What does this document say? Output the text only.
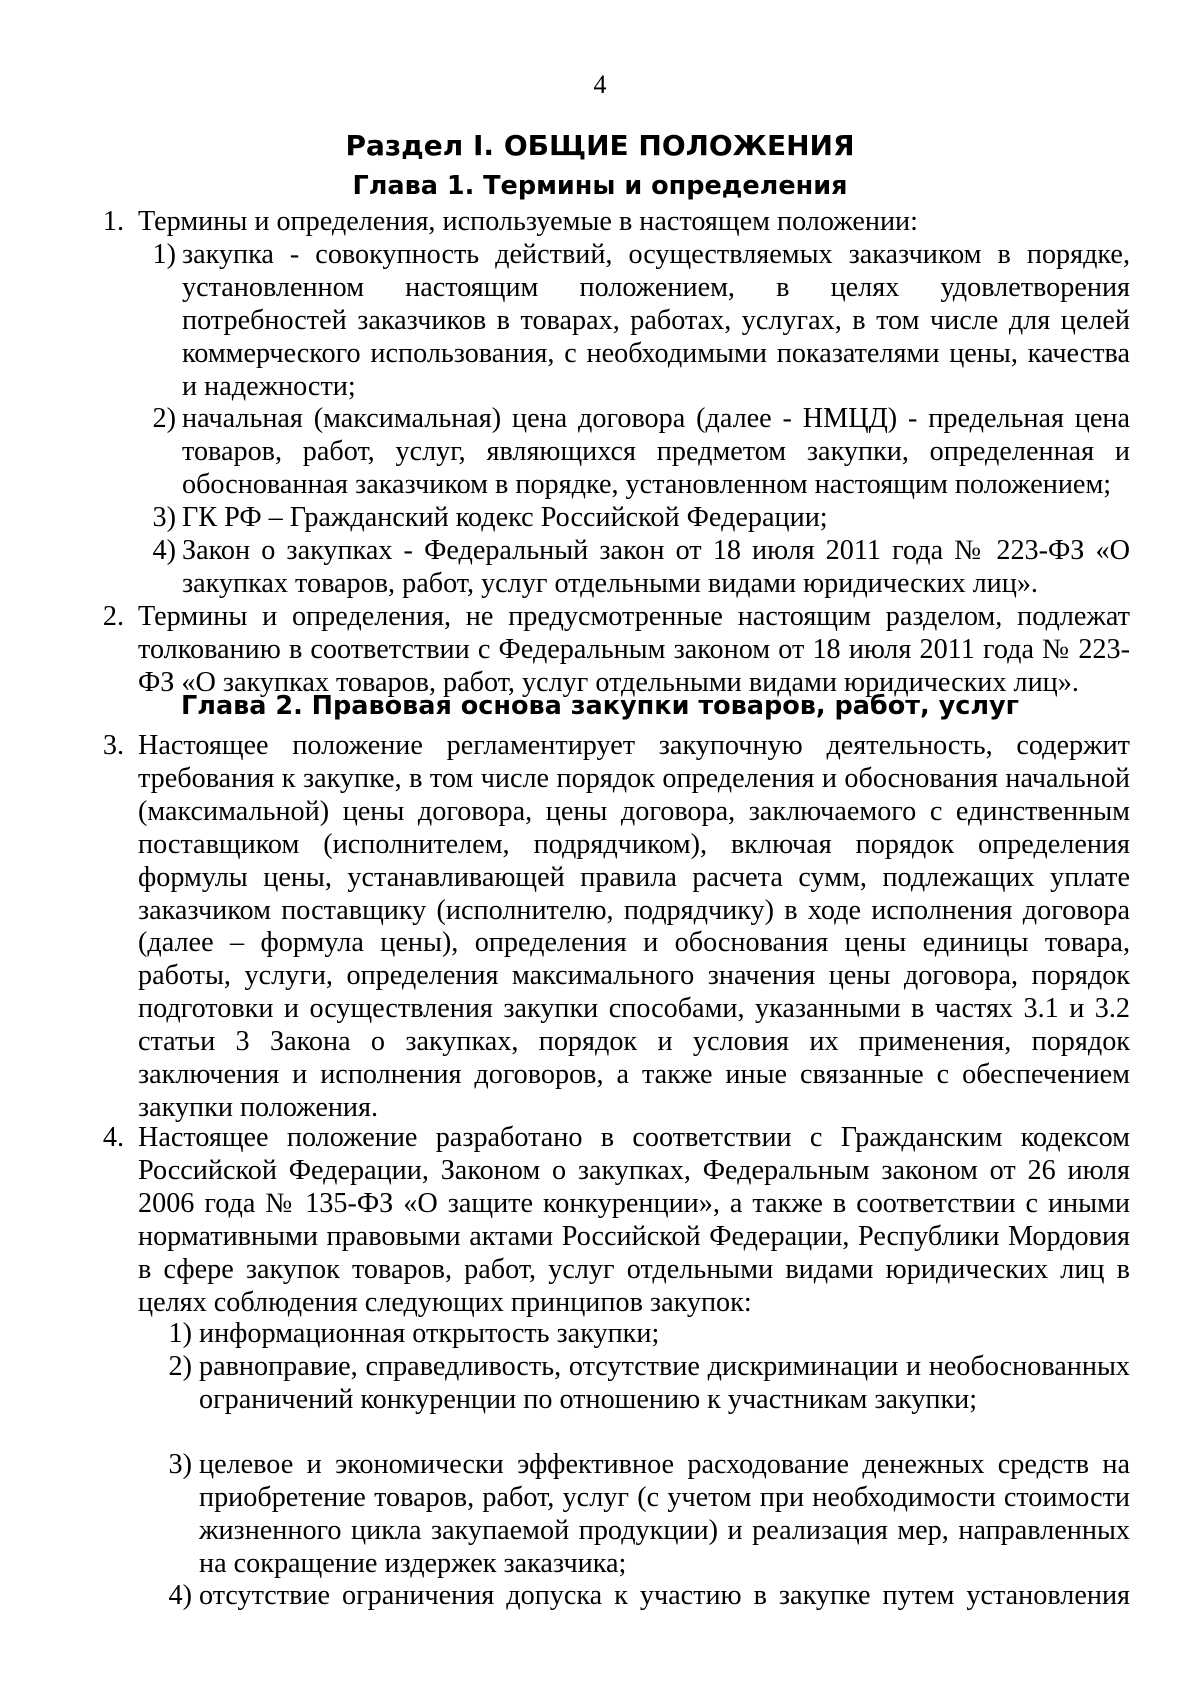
4
Раздел I. ОБЩИЕ ПОЛОЖЕНИЯ
Глава 1. Термины и определения
1. Термины и определения, используемые в настоящем положении:
1) закупка - совокупность действий, осуществляемых заказчиком в порядке, установленном настоящим положением, в целях удовлетворения потребностей заказчиков в товарах, работах, услугах, в том числе для целей коммерческого использования, с необходимыми показателями цены, качества и надежности;
2) начальная (максимальная) цена договора (далее - НМЦД) - предельная цена товаров, работ, услуг, являющихся предметом закупки, определенная и обоснованная заказчиком в порядке, установленном настоящим положением;
3) ГК РФ – Гражданский кодекс Российской Федерации;
4) Закон о закупках - Федеральный закон от 18 июля 2011 года № 223-ФЗ «О закупках товаров, работ, услуг отдельными видами юридических лиц».
2. Термины и определения, не предусмотренные настоящим разделом, подлежат толкованию в соответствии с Федеральным законом от 18 июля 2011 года № 223-ФЗ «О закупках товаров, работ, услуг отдельными видами юридических лиц».
Глава 2. Правовая основа закупки товаров, работ, услуг
3. Настоящее положение регламентирует закупочную деятельность, содержит требования к закупке, в том числе порядок определения и обоснования начальной (максимальной) цены договора, цены договора, заключаемого с единственным поставщиком (исполнителем, подрядчиком), включая порядок определения формулы цены, устанавливающей правила расчета сумм, подлежащих уплате заказчиком поставщику (исполнителю, подрядчику) в ходе исполнения договора (далее – формула цены), определения и обоснования цены единицы товара, работы, услуги, определения максимального значения цены договора, порядок подготовки и осуществления закупки способами, указанными в частях 3.1 и 3.2 статьи 3 Закона о закупках, порядок и условия их применения, порядок заключения и исполнения договоров, а также иные связанные с обеспечением закупки положения.
4. Настоящее положение разработано в соответствии с Гражданским кодексом Российской Федерации, Законом о закупках, Федеральным законом от 26 июля 2006 года № 135-ФЗ «О защите конкуренции», а также в соответствии с иными нормативными правовыми актами Российской Федерации, Республики Мордовия в сфере закупок товаров, работ, услуг отдельными видами юридических лиц в целях соблюдения следующих принципов закупок:
1) информационная открытость закупки;
2) равноправие, справедливость, отсутствие дискриминации и необоснованных ограничений конкуренции по отношению к участникам закупки;
3) целевое и экономически эффективное расходование денежных средств на приобретение товаров, работ, услуг (с учетом при необходимости стоимости жизненного цикла закупаемой продукции) и реализация мер, направленных на сокращение издержек заказчика;
4) отсутствие ограничения допуска к участию в закупке путем установления
